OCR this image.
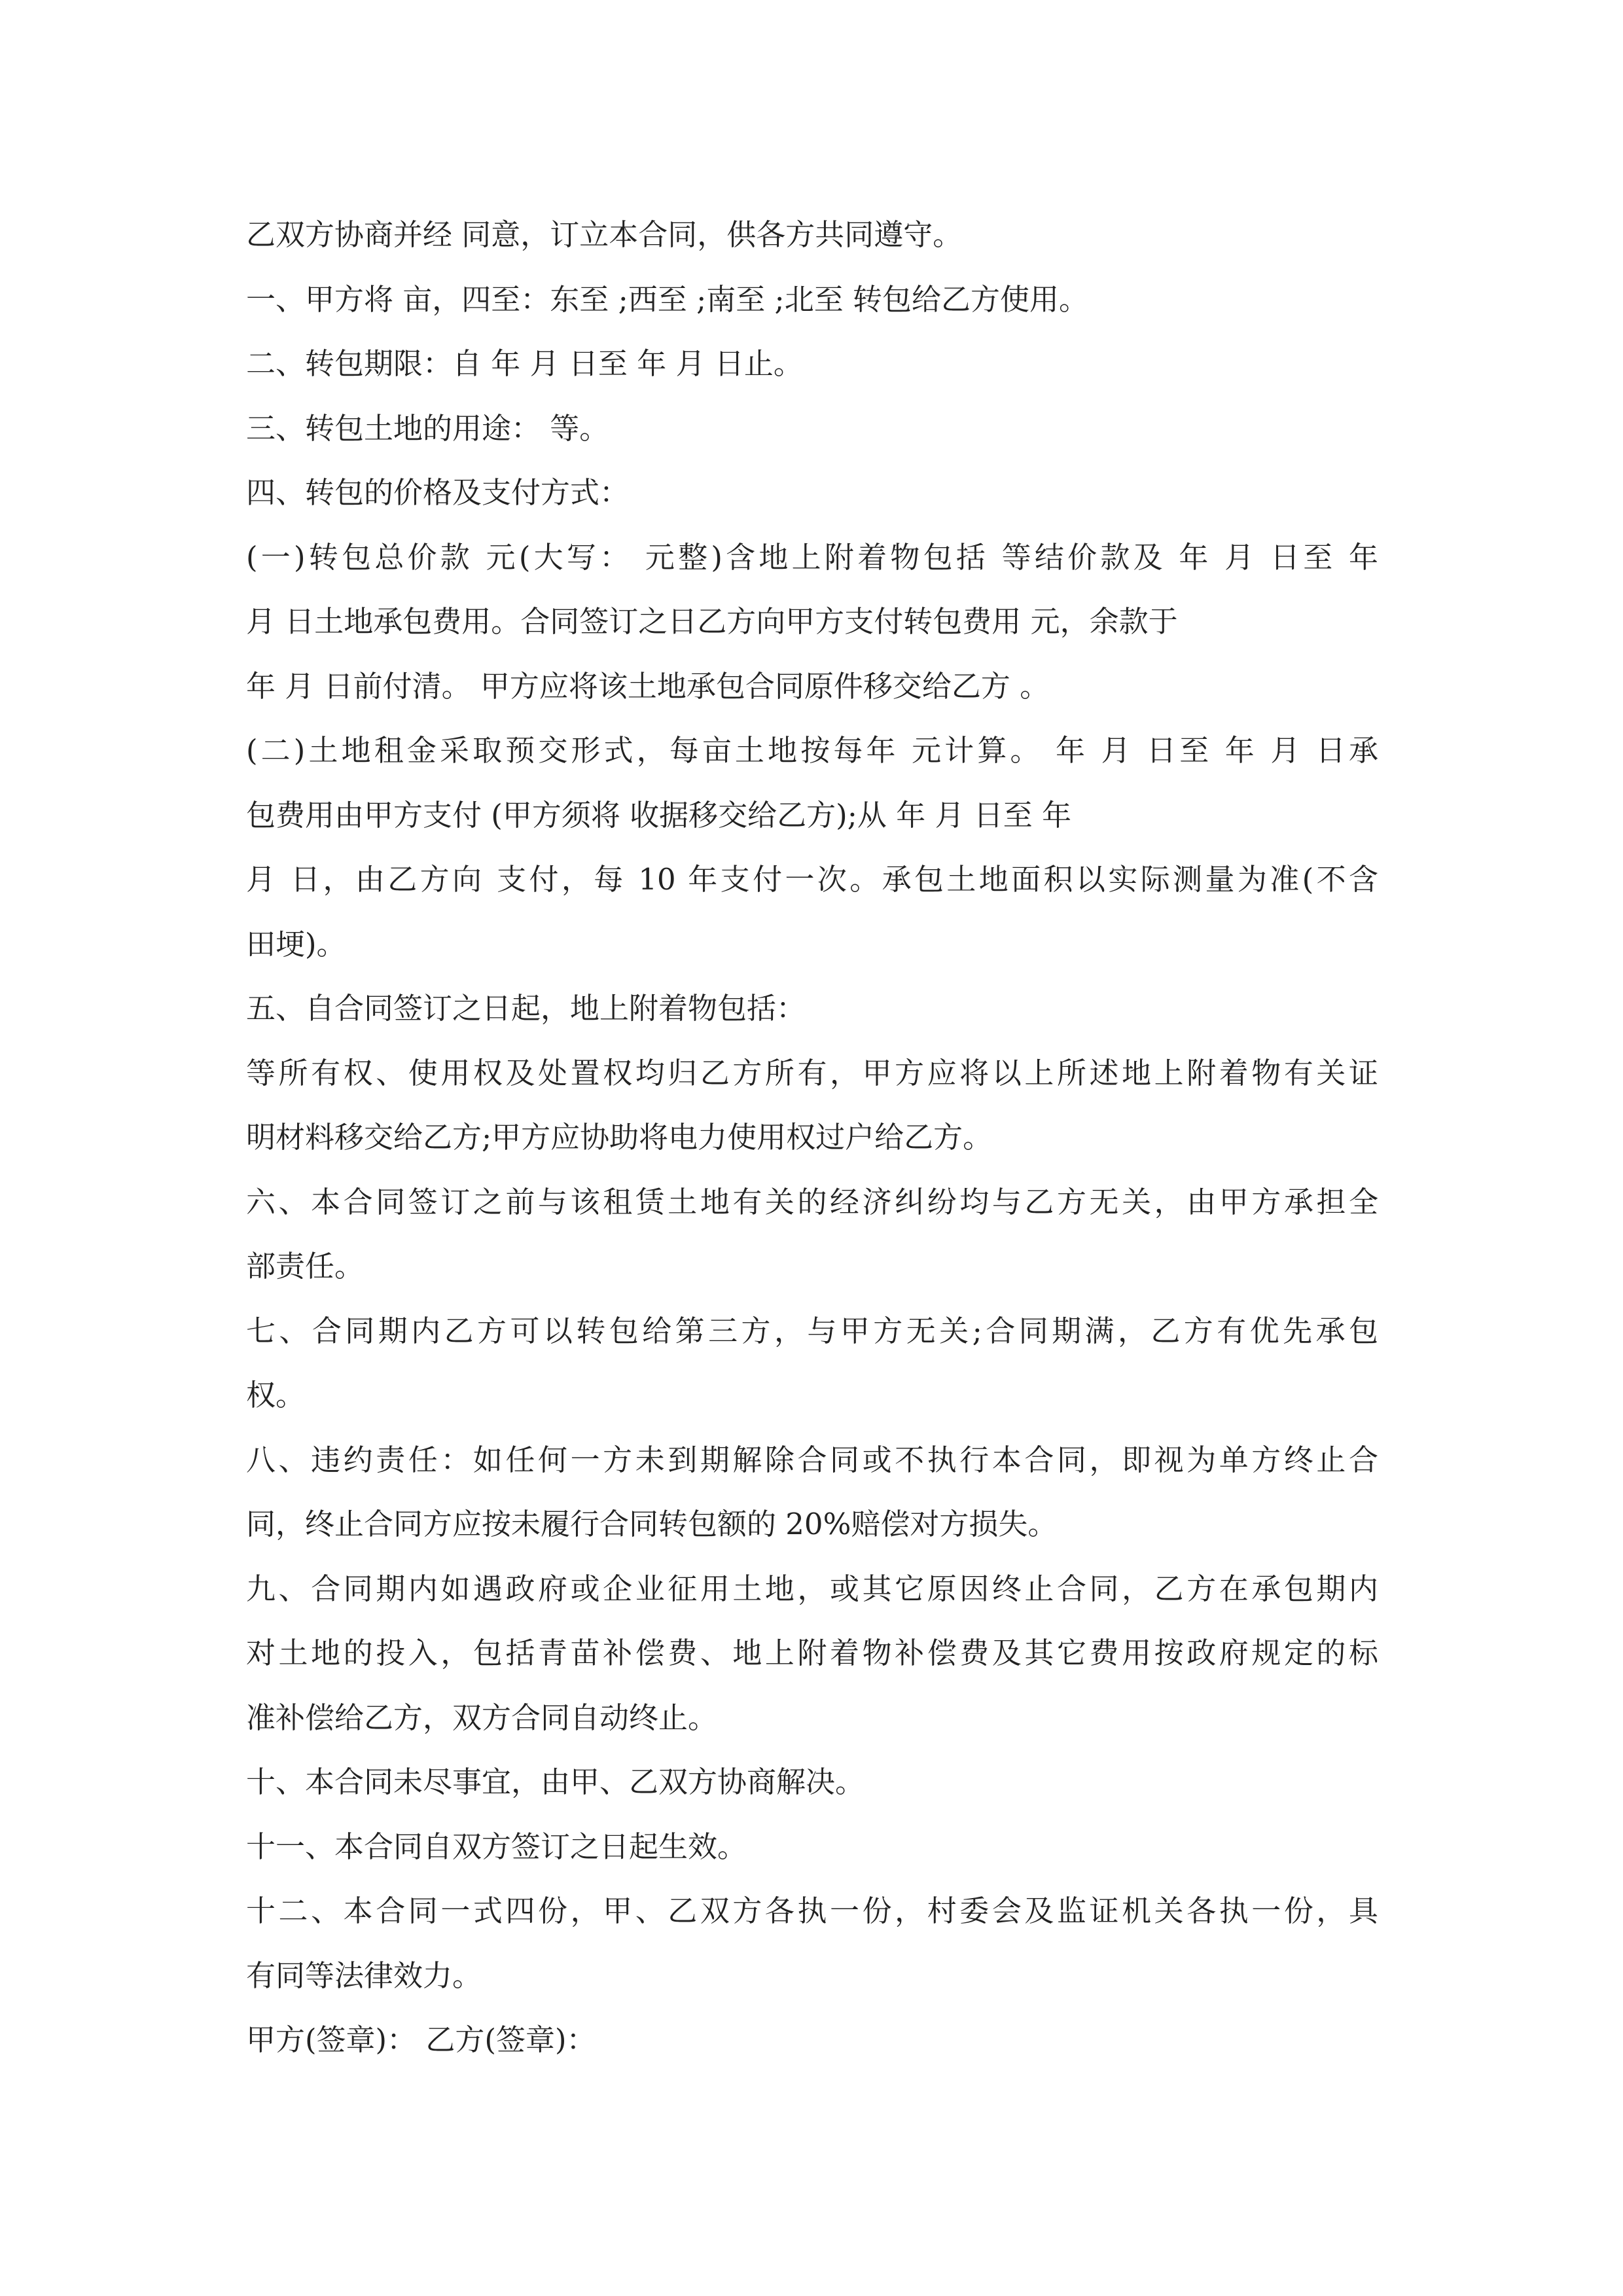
乙双方协商并经 同意，订立本合同，供各方共同遵守。
一、甲方将 亩，四至：东至 ;西至 ;南至 ;北至 转包给乙方使用。
二、转包期限：自 年 月 日至 年 月 日止。
三、转包土地的用途： 等。
四、转包的价格及支付方式：
(一)转包总价款 元(大写： 元整)含地上附着物包括 等结价款及 年 月 日至 年
月 日土地承包费用。合同签订之日乙方向甲方支付转包费用 元，余款于
年 月 日前付清。 甲方应将该土地承包合同原件移交给乙方 。
(二)土地租金采取预交形式，每亩土地按每年 元计算。 年 月 日至 年 月 日承
包费用由甲方支付 (甲方须将 收据移交给乙方);从 年 月 日至 年
月 日，由乙方向 支付，每 10 年支付一次。承包土地面积以实际测量为准(不含
田埂)。
五、自合同签订之日起，地上附着物包括：
等所有权、使用权及处置权均归乙方所有，甲方应将以上所述地上附着物有关证
明材料移交给乙方;甲方应协助将电力使用权过户给乙方。
六、本合同签订之前与该租赁土地有关的经济纠纷均与乙方无关，由甲方承担全
部责任。
七、合同期内乙方可以转包给第三方，与甲方无关;合同期满，乙方有优先承包
权。
八、违约责任：如任何一方未到期解除合同或不执行本合同，即视为单方终止合
同，终止合同方应按未履行合同转包额的 20%赔偿对方损失。
九、合同期内如遇政府或企业征用土地，或其它原因终止合同，乙方在承包期内
对土地的投入，包括青苗补偿费、地上附着物补偿费及其它费用按政府规定的标
准补偿给乙方，双方合同自动终止。
十、本合同未尽事宜，由甲、乙双方协商解决。
十一、本合同自双方签订之日起生效。
十二、本合同一式四份，甲、乙双方各执一份，村委会及监证机关各执一份，具
有同等法律效力。
甲方(签章)： 乙方(签章)：
